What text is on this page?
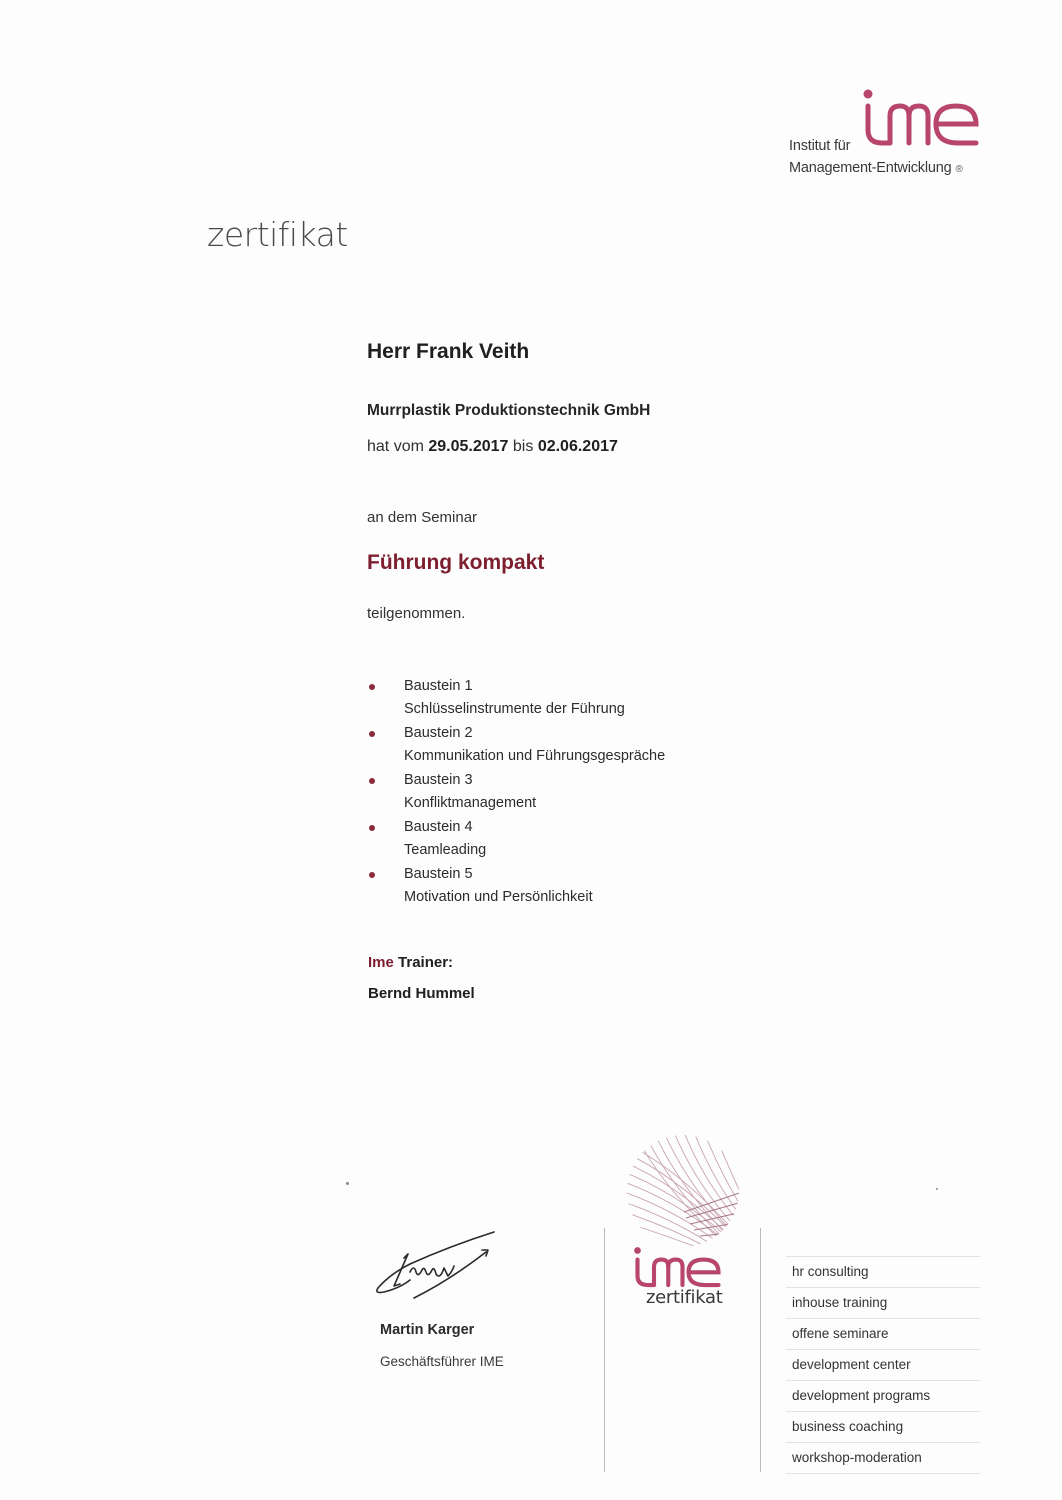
Institut für
Management-Entwicklung ®
zertifikat
Herr Frank Veith
Murrplastik Produktionstechnik GmbH
hat vom 29.05.2017 bis 02.06.2017
an dem Seminar
Führung kompakt
teilgenommen.
Baustein 1
Schlüsselinstrumente der Führung
Baustein 2
Kommunikation und Führungsgespräche
Baustein 3
Konfliktmanagement
Baustein 4
Teamleading
Baustein 5
Motivation und Persönlichkeit
Ime Trainer:
Bernd Hummel
Martin Karger
Geschäftsführer IME
zertifikat
hr consulting
inhouse training
offene seminare
development center
development programs
business coaching
workshop-moderation
